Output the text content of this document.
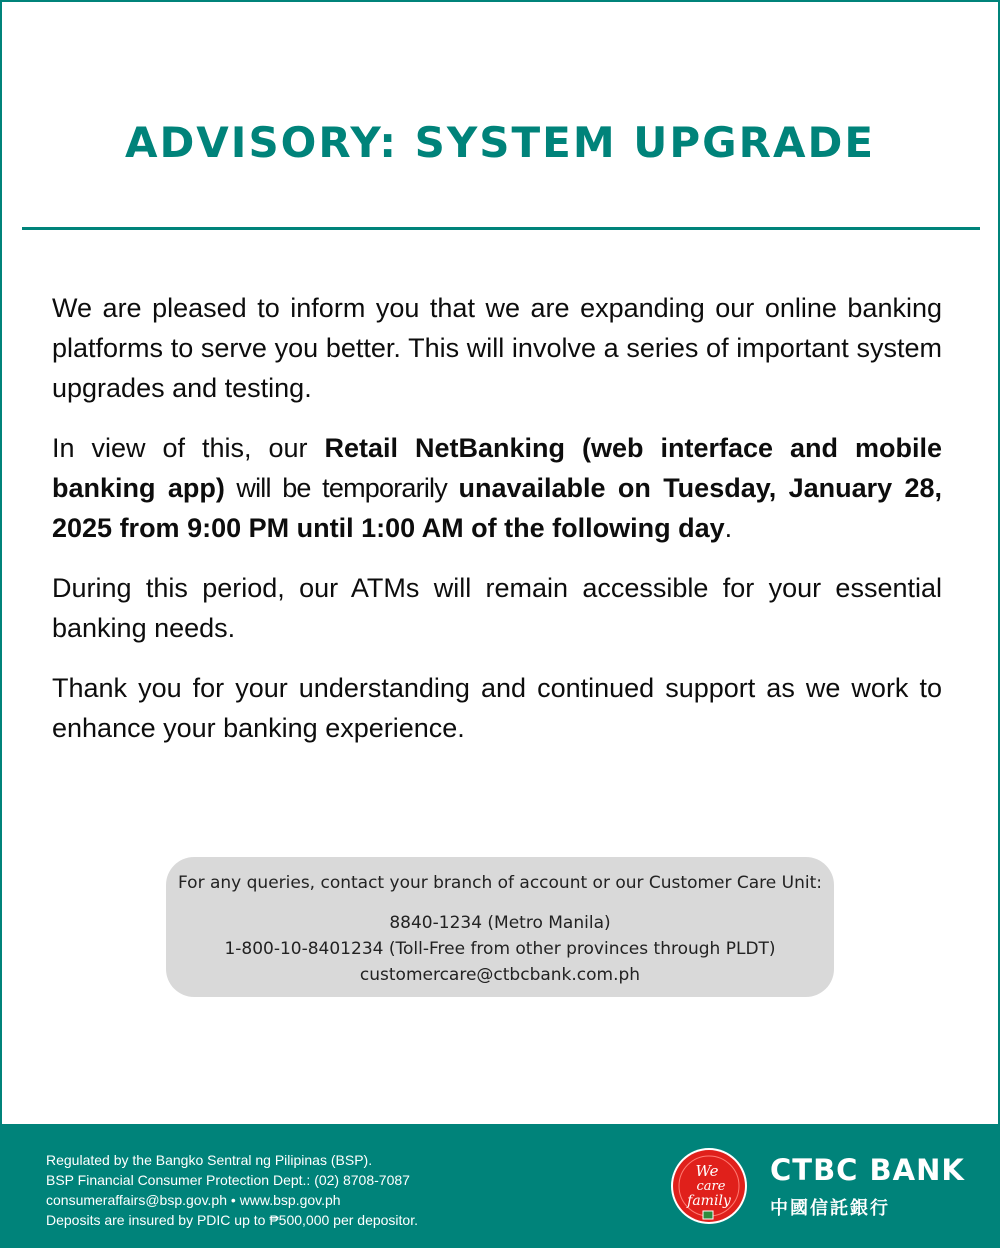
ADVISORY: SYSTEM UPGRADE

We are pleased to inform you that we are expanding our online banking platforms to serve you better. This will involve a series of important system upgrades and testing.

In view of this, our Retail NetBanking (web interface and mobile banking app) will be temporarily unavailable on Tuesday, January 28, 2025 from 9:00 PM until 1:00 AM of the following day.

During this period, our ATMs will remain accessible for your essential banking needs.

Thank you for your understanding and continued support as we work to enhance your banking experience.

For any queries, contact your branch of account or our Customer Care Unit:
8840-1234 (Metro Manila)
1-800-10-8401234 (Toll-Free from other provinces through PLDT)
customercare@ctbcbank.com.ph
Regulated by the Bangko Sentral ng Pilipinas (BSP).
BSP Financial Consumer Protection Dept.: (02) 8708-7087
consumeraffairs@bsp.gov.ph • www.bsp.gov.ph
Deposits are insured by PDIC up to ₱500,000 per depositor.
We
care
family
CTBC BANK
中國信託銀行
